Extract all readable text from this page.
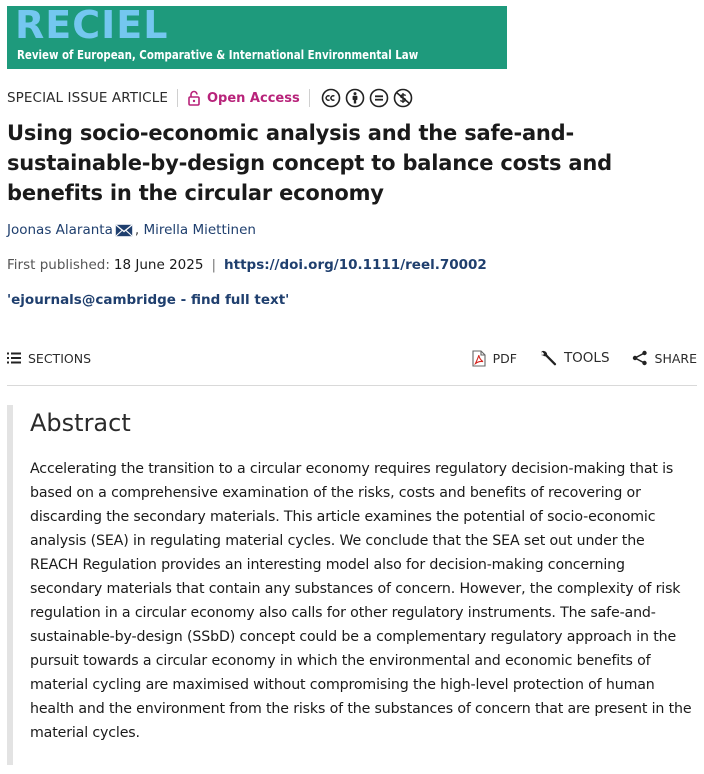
RECIEL
Review of European, Comparative & International Environmental Law
SPECIAL ISSUE ARTICLE	Open Access
Using socio-economic analysis and the safe-and-sustainable-by-design concept to balance costs and benefits in the circular economy
Joonas Alaranta , Mirella Miettinen
First published: 18 June 2025 | https://doi.org/10.1111/reel.70002
'ejournals@cambridge - find full text'
SECTIONS	PDF	TOOLS	SHARE
Abstract

Accelerating the transition to a circular economy requires regulatory decision-making that is based on a comprehensive examination of the risks, costs and benefits of recovering or discarding the secondary materials. This article examines the potential of socio-economic analysis (SEA) in regulating material cycles. We conclude that the SEA set out under the REACH Regulation provides an interesting model also for decision-making concerning secondary materials that contain any substances of concern. However, the complexity of risk regulation in a circular economy also calls for other regulatory instruments. The safe-and-sustainable-by-design (SSbD) concept could be a complementary regulatory approach in the pursuit towards a circular economy in which the environmental and economic benefits of material cycling are maximised without compromising the high-level protection of human health and the environment from the risks of the substances of concern that are present in the material cycles.
